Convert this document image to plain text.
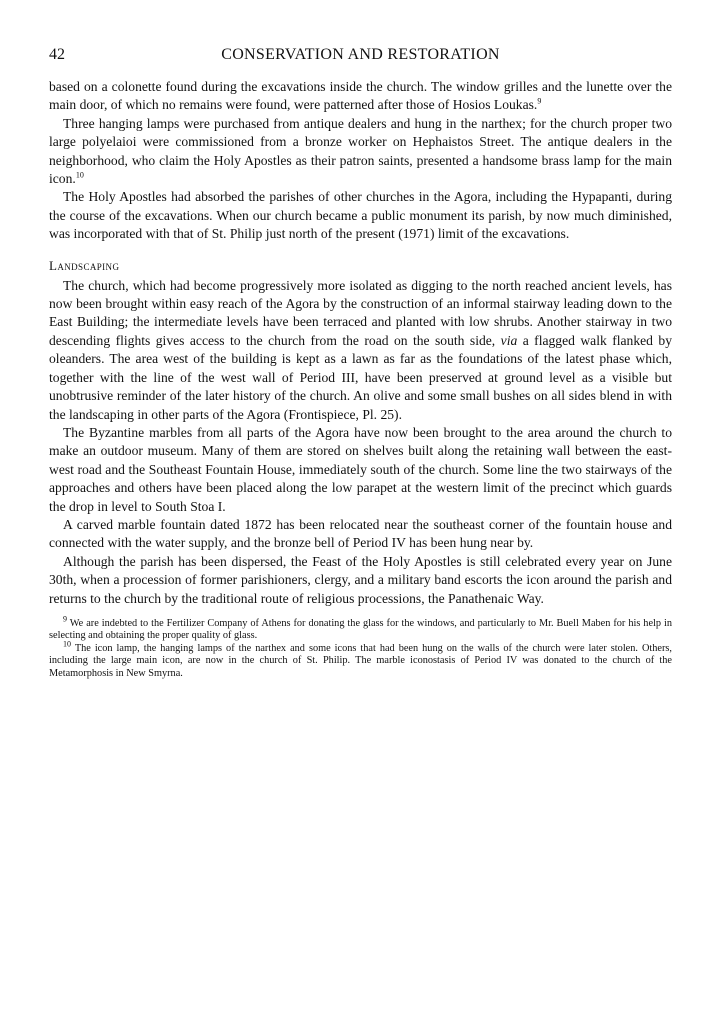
42	CONSERVATION AND RESTORATION

based on a colonette found during the excavations inside the church. The window grilles and the lunette over the main door, of which no remains were found, were patterned after those of Hosios Loukas.$^9$

Three hanging lamps were purchased from antique dealers and hung in the narthex; for the church proper two large polyelaioi were commissioned from a bronze worker on Hephaistos Street. The antique dealers in the neighborhood, who claim the Holy Apostles as their patron saints, presented a handsome brass lamp for the main icon.$^{10}$

The Holy Apostles had absorbed the parishes of other churches in the Agora, including the Hypapanti, during the course of the excavations. When our church became a public monument its parish, by now much diminished, was incorporated with that of St. Philip just north of the present (1971) limit of the excavations.

Landscaping

The church, which had become progressively more isolated as digging to the north reached ancient levels, has now been brought within easy reach of the Agora by the construction of an informal stairway leading down to the East Building; the intermediate levels have been terraced and planted with low shrubs. Another stairway in two descending flights gives access to the church from the road on the south side, via a flagged walk flanked by oleanders. The area west of the building is kept as a lawn as far as the foundations of the latest phase which, together with the line of the west wall of Period III, have been preserved at ground level as a visible but unobtrusive reminder of the later history of the church. An olive and some small bushes on all sides blend in with the landscaping in other parts of the Agora (Frontispiece, Pl. 25).

The Byzantine marbles from all parts of the Agora have now been brought to the area around the church to make an outdoor museum. Many of them are stored on shelves built along the retaining wall between the east-west road and the Southeast Fountain House, immediately south of the church. Some line the two stairways of the approaches and others have been placed along the low parapet at the western limit of the precinct which guards the drop in level to South Stoa I.

A carved marble fountain dated 1872 has been relocated near the southeast corner of the fountain house and connected with the water supply, and the bronze bell of Period IV has been hung near by.

Although the parish has been dispersed, the Feast of the Holy Apostles is still celebrated every year on June 30th, when a procession of former parishioners, clergy, and a military band escorts the icon around the parish and returns to the church by the traditional route of religious processions, the Panathenaic Way.

$^9$ We are indebted to the Fertilizer Company of Athens for donating the glass for the windows, and particularly to Mr. Buell Maben for his help in selecting and obtaining the proper quality of glass.

$^{10}$ The icon lamp, the hanging lamps of the narthex and some icons that had been hung on the walls of the church were later stolen. Others, including the large main icon, are now in the church of St. Philip. The marble iconostasis of Period IV was donated to the church of the Metamorphosis in New Smyrna.
